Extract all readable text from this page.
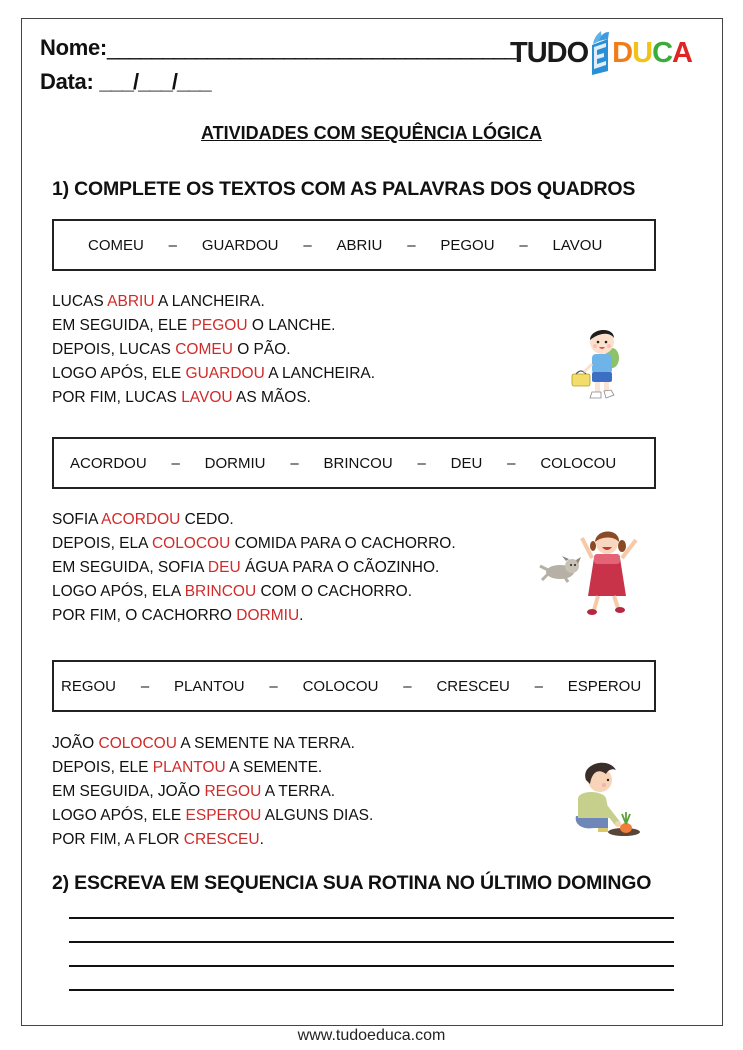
Nome:_____________________________________
Data: ___/___/___
TUDO D U C A
ATIVIDADES COM SEQUÊNCIA LÓGICA
1) COMPLETE OS TEXTOS COM AS PALAVRAS DOS QUADROS
COMEU	–	GUARDOU	–	ABRIU	–	PEGOU	–	LAVOU
LUCAS ABRIU A LANCHEIRA.
EM SEGUIDA, ELE PEGOU O LANCHE.
DEPOIS, LUCAS COMEU O PÃO.
LOGO APÓS, ELE GUARDOU A LANCHEIRA.
POR FIM, LUCAS LAVOU AS MÃOS.
ACORDOU	–	DORMIU	–	BRINCOU	–	DEU	–	COLOCOU
SOFIA ACORDOU CEDO.
DEPOIS, ELA COLOCOU COMIDA PARA O CACHORRO.
EM SEGUIDA, SOFIA DEU ÁGUA PARA O CÃOZINHO.
LOGO APÓS, ELA BRINCOU COM O CACHORRO.
POR FIM, O CACHORRO DORMIU.
REGOU	–	PLANTOU	–	COLOCOU	–	CRESCEU	–	ESPEROU
JOÃO COLOCOU A SEMENTE NA TERRA.
DEPOIS, ELE PLANTOU A SEMENTE.
EM SEGUIDA, JOÃO REGOU A TERRA.
LOGO APÓS, ELE ESPEROU ALGUNS DIAS.
POR FIM, A FLOR CRESCEU.
2) ESCREVA EM SEQUENCIA SUA ROTINA NO ÚLTIMO DOMINGO
www.tudoeduca.com
